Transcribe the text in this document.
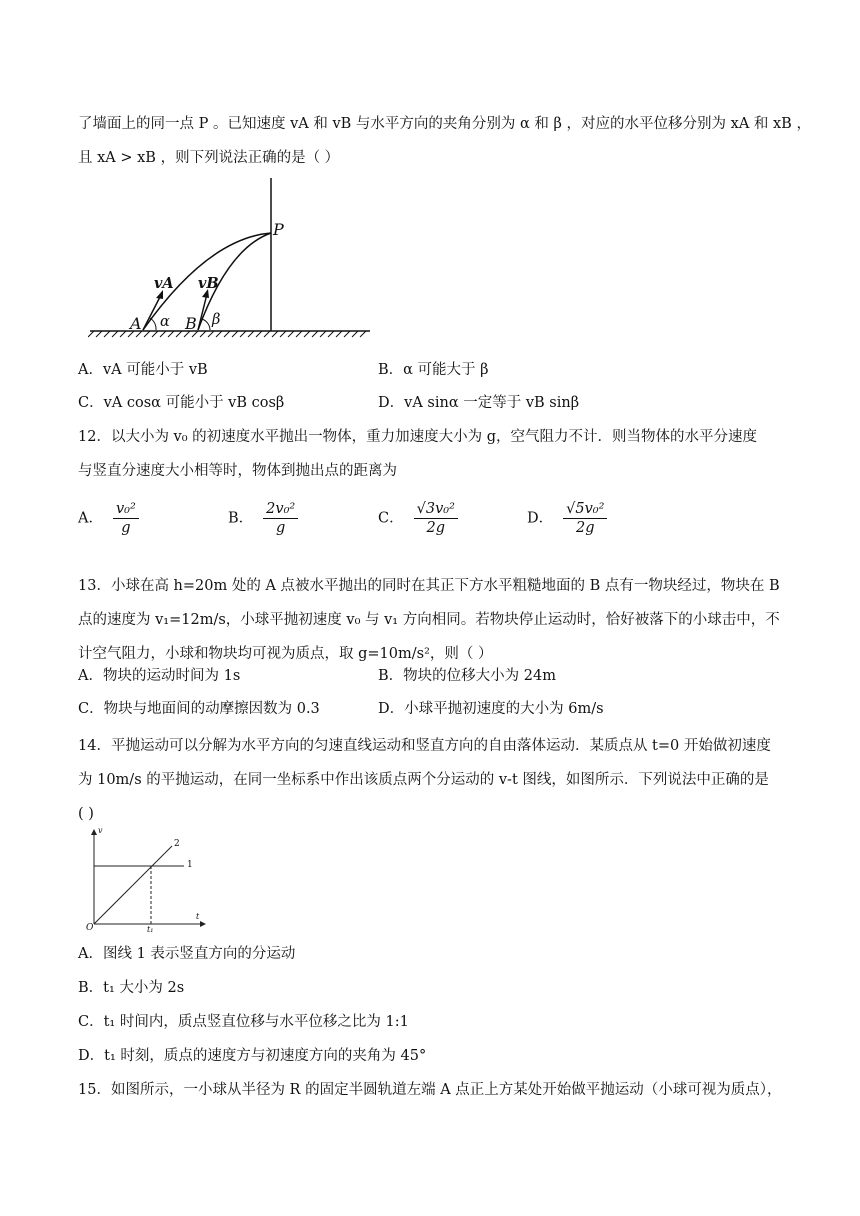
了墙面上的同一点 P 。已知速度 vA 和 vB 与水平方向的夹角分别为 α 和 β ，对应的水平位移分别为 xA 和 xB ，
且 xA > xB ，则下列说法正确的是（ ）
P
vA vB
A	B
α	β
A．vA 可能小于 vB	B．α 可能大于 β
C．vA cosα 可能小于 vB cosβ	D．vA sinα 一定等于 vB sinβ
12．以大小为 v₀ 的初速度水平抛出一物体，重力加速度大小为 g，空气阻力不计．则当物体的水平分速度
与竖直分速度大小相等时，物体到抛出点的距离为
A． $\frac{\text{v₀²}}{g}$	B． $\frac{\text{2v₀²}}{g}$	C． $\frac{\text{√3v₀²}}{2g}$	D． $\frac{\text{√5v₀²}}{2g}$
13．小球在高 h=20m 处的 A 点被水平抛出的同时在其正下方水平粗糙地面的 B 点有一物块经过，物块在 B
点的速度为 v₁=12m/s，小球平抛初速度 v₀ 与 v₁ 方向相同。若物块停止运动时，恰好被落下的小球击中，不
计空气阻力，小球和物块均可视为质点，取 g=10m/s²，则（ ）
A．物块的运动时间为 1s	B．物块的位移大小为 24m
C．物块与地面间的动摩擦因数为 0.3	D．小球平抛初速度的大小为 6m/s
14．平抛运动可以分解为水平方向的匀速直线运动和竖直方向的自由落体运动．某质点从 t=0 开始做初速度
为 10m/s 的平抛运动，在同一坐标系中作出该质点两个分运动的 v-t 图线，如图所示．下列说法中正确的是
( )
v
O
t
t₁
1
2
A．图线 1 表示竖直方向的分运动
B．t₁ 大小为 2s
C．t₁ 时间内，质点竖直位移与水平位移之比为 1:1
D．t₁ 时刻，质点的速度方与初速度方向的夹角为 45°
15．如图所示，一小球从半径为 R 的固定半圆轨道左端 A 点正上方某处开始做平抛运动（小球可视为质点），
